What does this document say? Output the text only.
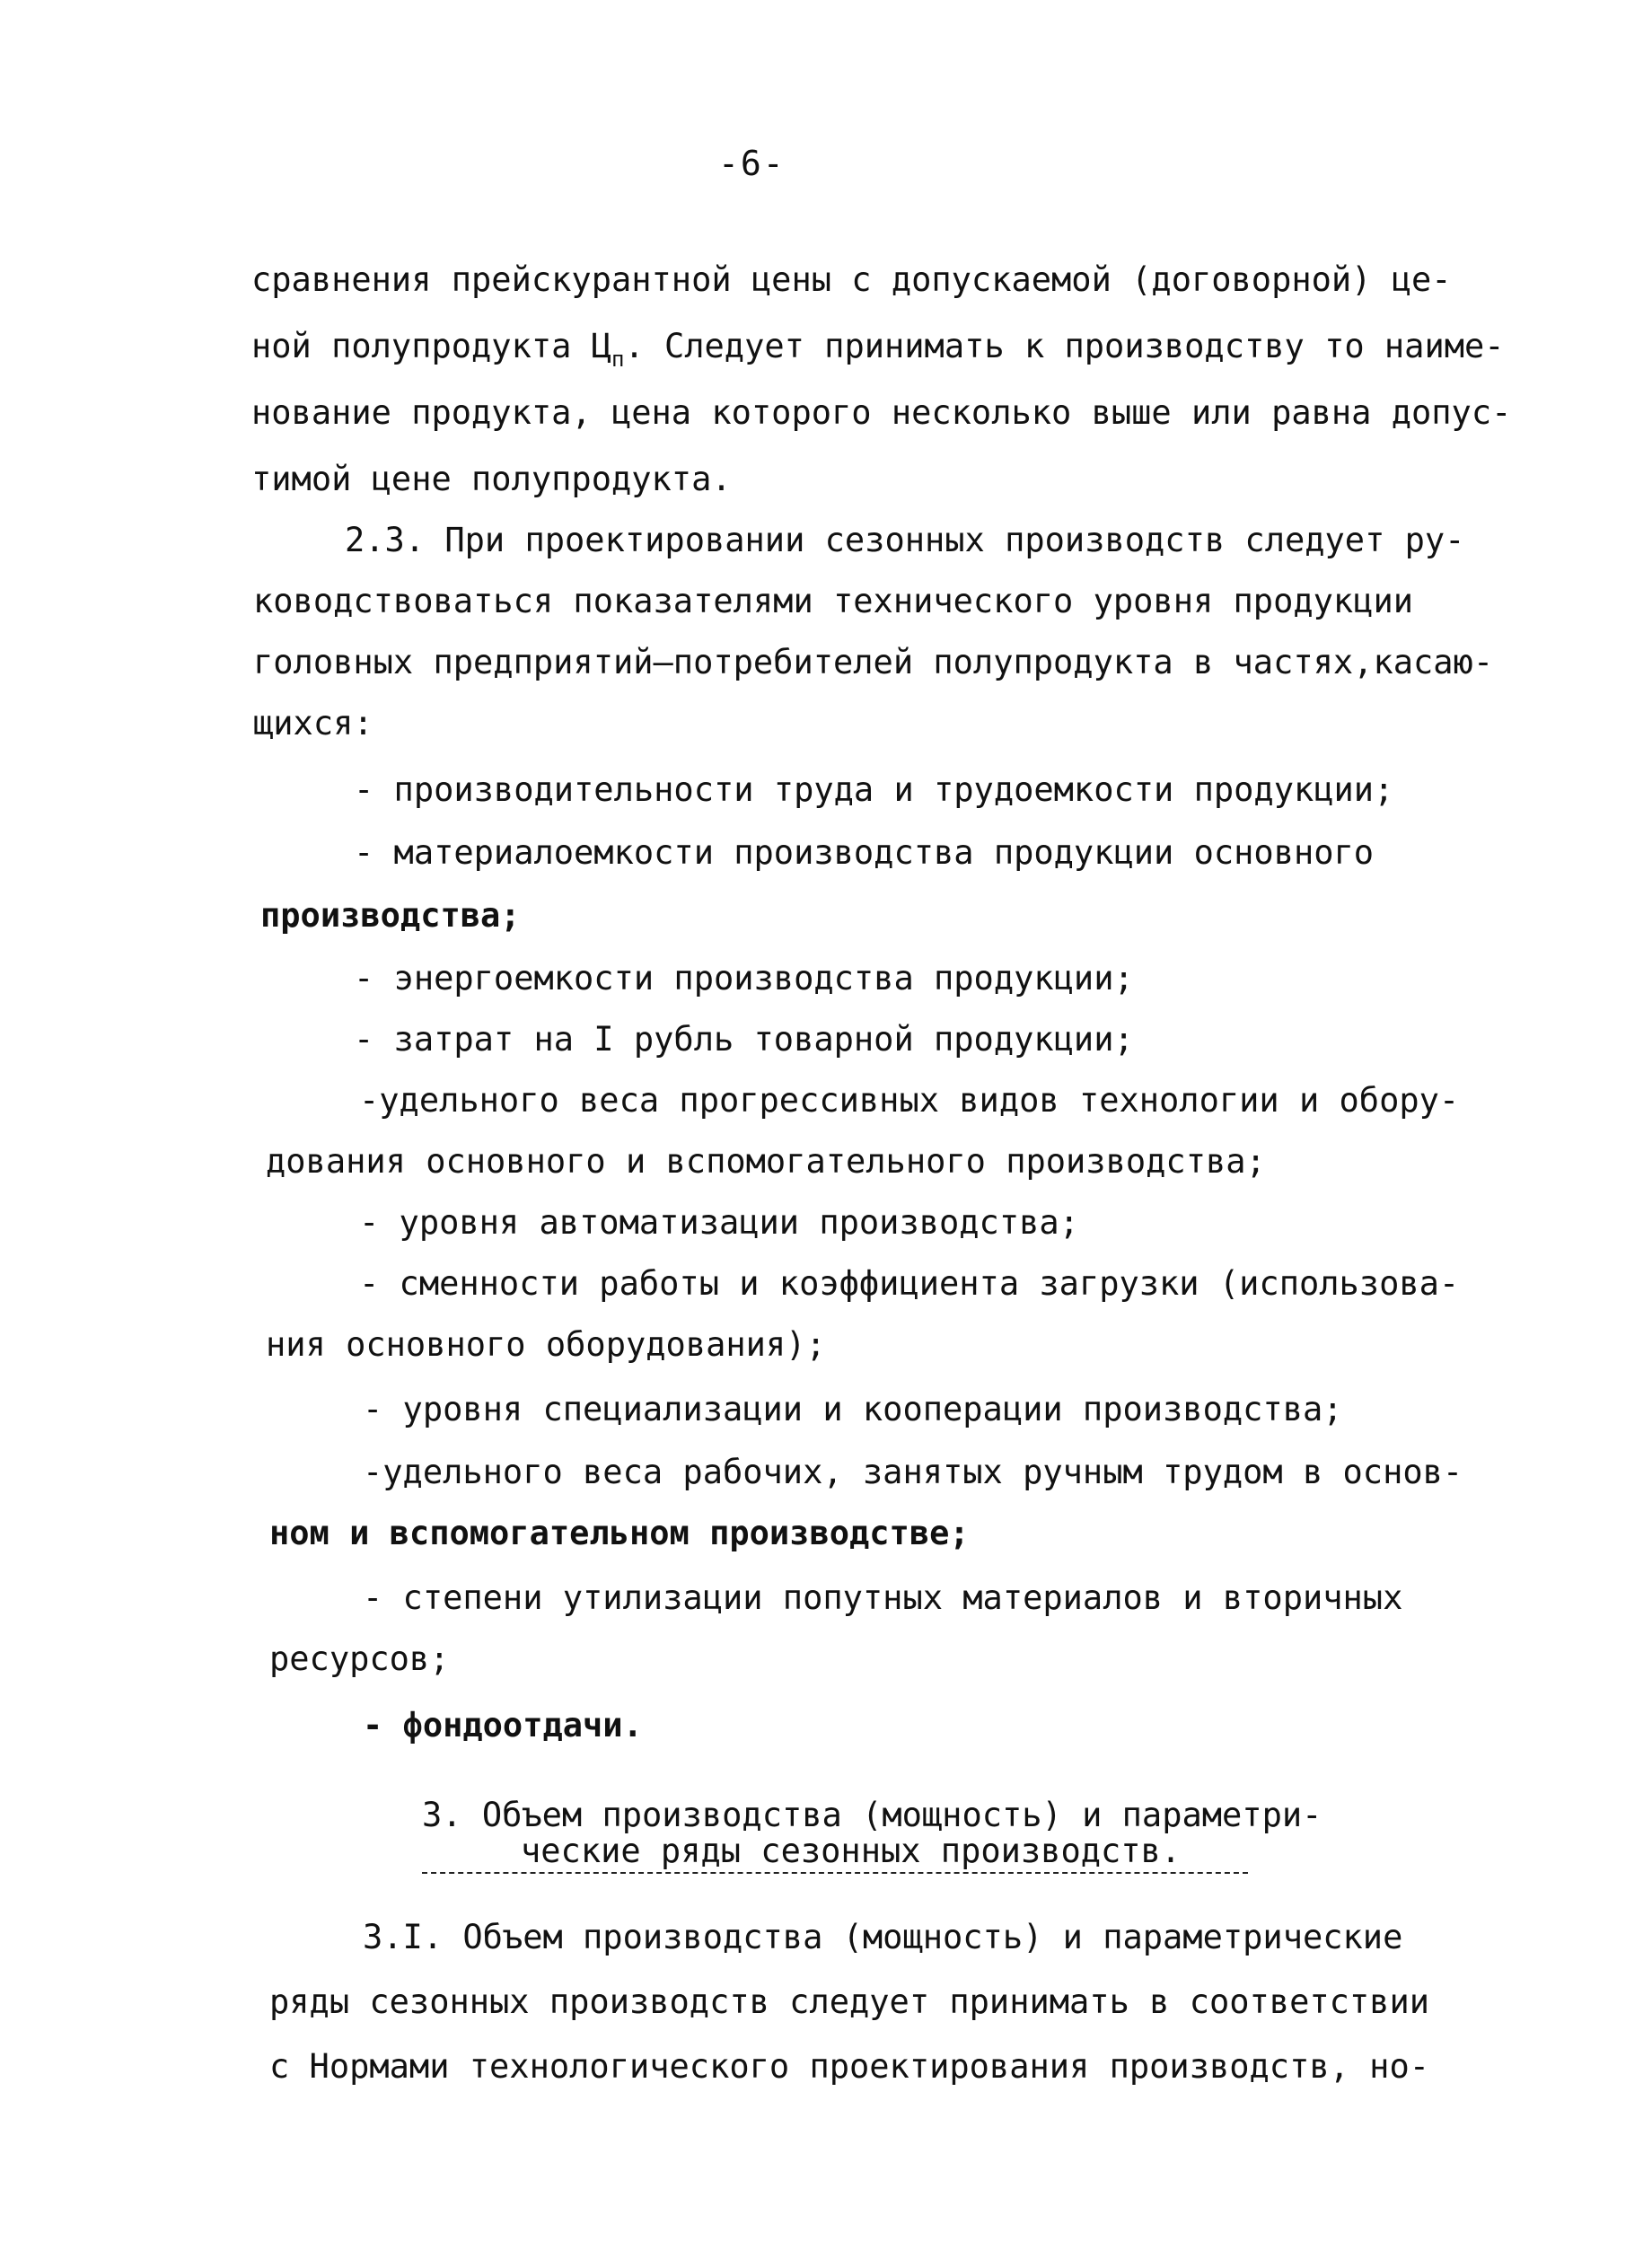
-6-
сравнения прейскурантной цены с допускаемой (договорной) це-
ной полупродукта $Ц_п$. Следует принимать к производству то наиме-
нование продукта, цена которого несколько выше или равна допус-
тимой цене полупродукта.
2.3. При проектировании сезонных производств следует ру-
ководствоваться показателями технического уровня продукции
головных предприятий—потребителей полупродукта в частях,касаю-
щихся:
- производительности труда и трудоемкости продукции;
- материалоемкости производства продукции основного
производства;
- энергоемкости производства продукции;
- затрат на I рубль товарной продукции;
-удельного веса прогрессивных видов технологии и обору-
дования основного и вспомогательного производства;
- уровня автоматизации производства;
- сменности работы и коэффициента загрузки (использова-
ния основного оборудования);
- уровня специализации и кооперации производства;
-удельного веса рабочих, занятых ручным трудом в основ-
ном и вспомогательном производстве;
- степени утилизации попутных материалов и вторичных
ресурсов;
- фондоотдачи.
3. Объем производства (мощность) и параметри-
ческие ряды сезонных производств.
3.I. Объем производства (мощность) и параметрические
ряды сезонных производств следует принимать в соответствии
с Нормами технологического проектирования производств, но-
